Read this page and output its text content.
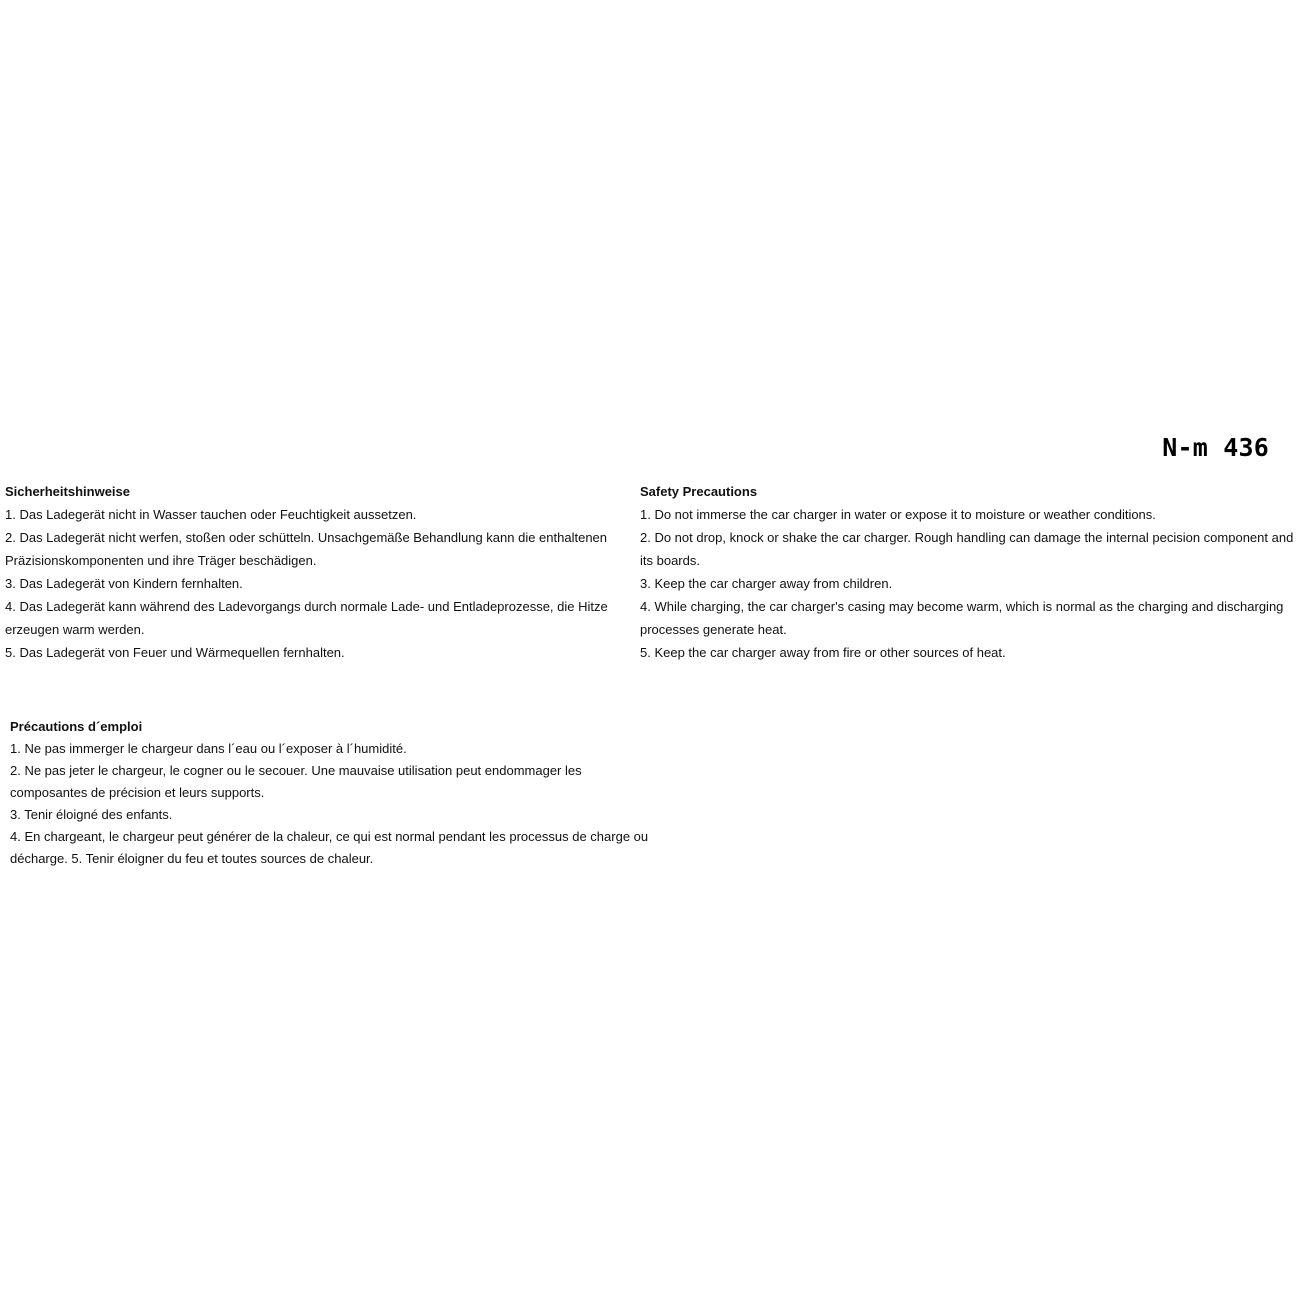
N-m 436
Sicherheitshinweise

1. Das Ladegerät nicht in Wasser tauchen oder Feuchtigkeit aussetzen.

2. Das Ladegerät nicht werfen, stoßen oder schütteln. Unsachgemäße Behandlung kann die enthaltenen Präzisionskomponenten und ihre Träger beschädigen.

3. Das Ladegerät von Kindern fernhalten.

4. Das Ladegerät kann während des Ladevorgangs durch normale Lade- und Entladeprozesse, die Hitze erzeugen warm werden.

5. Das Ladegerät von Feuer und Wärmequellen fernhalten.

Safety Precautions

1. Do not immerse the car charger in water or expose it to moisture or weather conditions.

2. Do not drop, knock or shake the car charger. Rough handling can damage the internal pecision component and its boards.

3. Keep the car charger away from children.

4. While charging, the car charger's casing may become warm, which is normal as the charging and discharging processes generate heat.

5. Keep the car charger away from fire or other sources of heat.

Précautions d´emploi

1. Ne pas immerger le chargeur dans l´eau ou l´exposer à l´humidité.

2. Ne pas jeter le chargeur, le cogner ou le secouer. Une mauvaise utilisation peut endommager les composantes de précision et leurs supports.

3. Tenir éloigné des enfants.

4. En chargeant, le chargeur peut générer de la chaleur, ce qui est normal pendant les processus de charge ou décharge. 5. Tenir éloigner du feu et toutes sources de chaleur.
